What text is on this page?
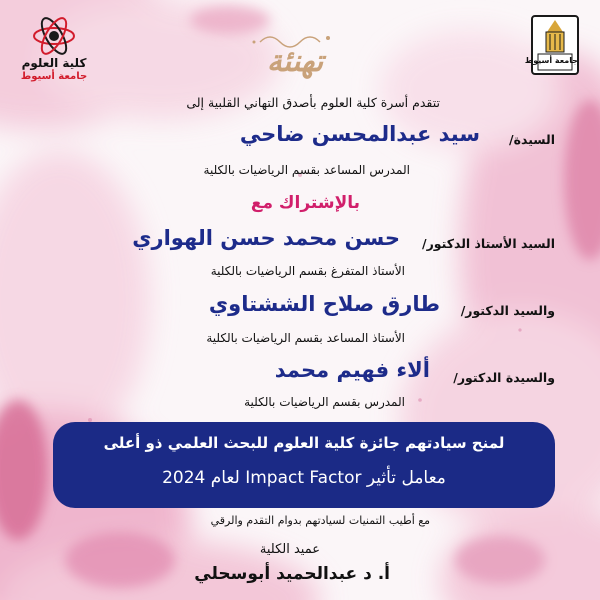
جامعة أسيوط
كلية العلوم
جامعة أسيوط	تهنئة
تتقدم أسرة كلية العلوم بأصدق التهاني القلبية إلى
السيدة/
سيد عبدالمحسن ضاحي
المدرس المساعد بقسم الرياضيات بالكلية
بالإشتراك مع
السيد الأستاذ الدكتور/
حسن محمد حسن الهواري
الأستاذ المتفرغ بقسم الرياضيات بالكلية
والسيد الدكتور/
طارق صلاح الششتاوي
الأستاذ المساعد بقسم الرياضيات بالكلية
والسيدة الدكتور/
ألاء فهيم محمد
المدرس بقسم الرياضيات بالكلية
لمنح سيادتهم جائزة كلية العلوم للبحث العلمي ذو أعلى
معامل تأثير Impact Factor لعام 2024
مع أطيب التمنيات لسيادتهم بدوام التقدم والرقي
عميد الكلية
أ. د عبدالحميد أبوسحلي
